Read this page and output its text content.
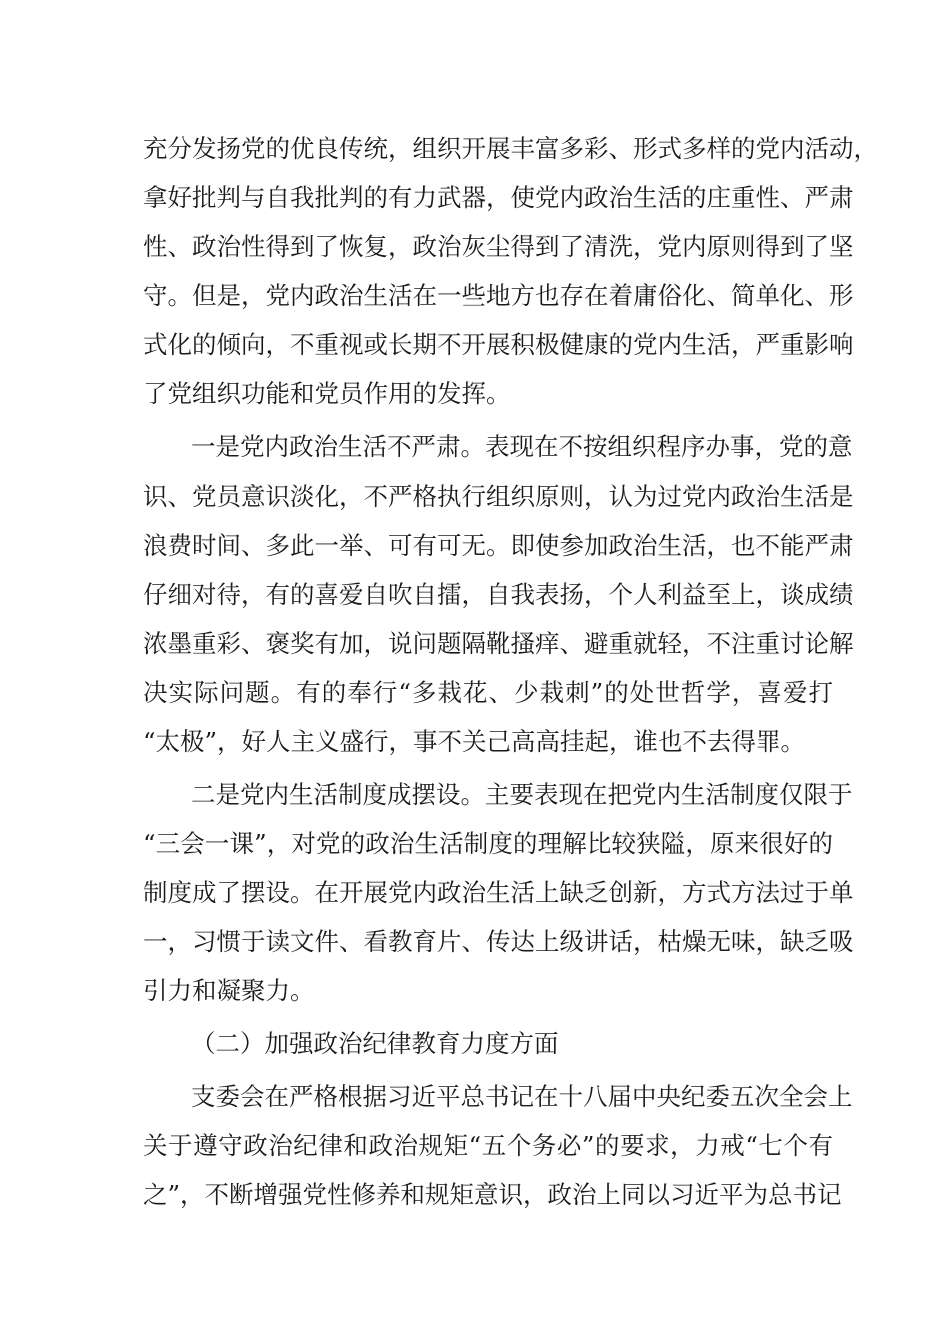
充分发扬党的优良传统，组织开展丰富多彩、形式多样的党内活动，
拿好批判与自我批判的有力武器，使党内政治生活的庄重性、严肃
性、政治性得到了恢复，政治灰尘得到了清洗，党内原则得到了坚
守。但是，党内政治生活在一些地方也存在着庸俗化、简单化、形
式化的倾向，不重视或长期不开展积极健康的党内生活，严重影响
了党组织功能和党员作用的发挥。
一是党内政治生活不严肃。表现在不按组织程序办事，党的意
识、党员意识淡化，不严格执行组织原则，认为过党内政治生活是
浪费时间、多此一举、可有可无。即使参加政治生活，也不能严肃
仔细对待，有的喜爱自吹自擂，自我表扬，个人利益至上，谈成绩
浓墨重彩、褒奖有加，说问题隔靴搔痒、避重就轻，不注重讨论解
决实际问题。有的奉行“多栽花、少栽刺”的处世哲学，喜爱打
“太极”，好人主义盛行，事不关己高高挂起，谁也不去得罪。
二是党内生活制度成摆设。主要表现在把党内生活制度仅限于
“三会一课”，对党的政治生活制度的理解比较狭隘，原来很好的
制度成了摆设。在开展党内政治生活上缺乏创新，方式方法过于单
一，习惯于读文件、看教育片、传达上级讲话，枯燥无味，缺乏吸
引力和凝聚力。
（二）加强政治纪律教育力度方面
支委会在严格根据习近平总书记在十八届中央纪委五次全会上
关于遵守政治纪律和政治规矩“五个务必”的要求，力戒“七个有
之”，不断增强党性修养和规矩意识，政治上同以习近平为总书记
